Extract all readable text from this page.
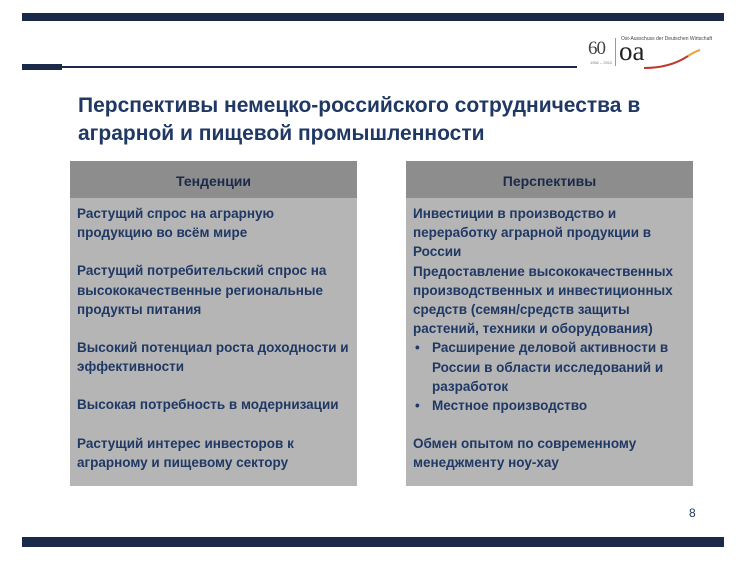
60
1952 – 2012
Ost-Ausschuss der Deutschen Wirtschaft
oa
Перспективы немецко-российского сотрудничества в аграрной и пищевой промышленности
Тенденции
Растущий спрос на аграрную продукцию во всём мире
Растущий потребительский спрос на высококачественные региональные продукты питания
Высокий потенциал роста доходности и эффективности
Высокая потребность в модернизации
Растущий интерес инвесторов к аграрному и пищевому сектору
Перспективы
Инвестиции в производство и переработку аграрной продукции в России
Предоставление высококачественных производственных и инвестиционных средств (семян/средств защиты растений, техники и оборудования)
• Расширение деловой активности в России в области исследований и разработок
• Местное производство
Обмен опытом по современному менеджменту ноу-хау
8
